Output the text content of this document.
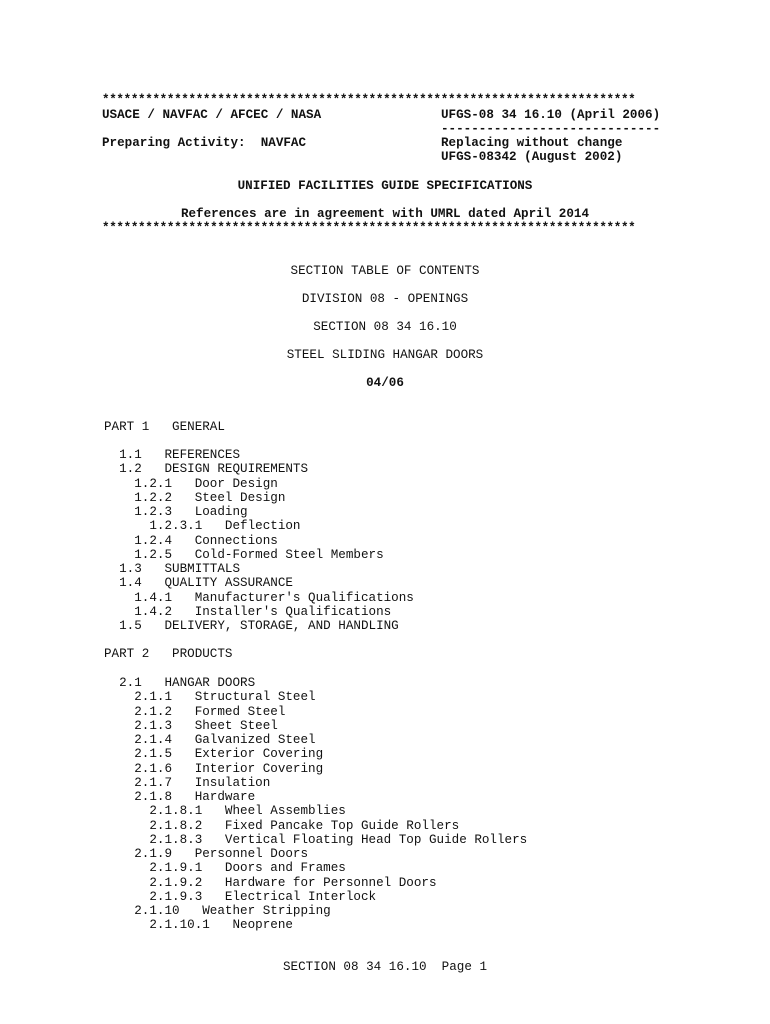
**************************************************************************
USACE / NAVFAC / AFCEC / NASA	UFGS-08 34 16.10 (April 2006)
-----------------------------
Preparing Activity:  NAVFAC	Replacing without change
UFGS-08342 (August 2002)
UNIFIED FACILITIES GUIDE SPECIFICATIONS
References are in agreement with UMRL dated April 2014
**************************************************************************
SECTION TABLE OF CONTENTS
DIVISION 08 - OPENINGS
SECTION 08 34 16.10
STEEL SLIDING HANGAR DOORS
04/06
PART 1   GENERAL
1.1   REFERENCES
1.2   DESIGN REQUIREMENTS
1.2.1   Door Design
1.2.2   Steel Design
1.2.3   Loading
1.2.3.1   Deflection
1.2.4   Connections
1.2.5   Cold-Formed Steel Members
1.3   SUBMITTALS
1.4   QUALITY ASSURANCE
1.4.1   Manufacturer's Qualifications
1.4.2   Installer's Qualifications
1.5   DELIVERY, STORAGE, AND HANDLING
PART 2   PRODUCTS
2.1   HANGAR DOORS
2.1.1   Structural Steel
2.1.2   Formed Steel
2.1.3   Sheet Steel
2.1.4   Galvanized Steel
2.1.5   Exterior Covering
2.1.6   Interior Covering
2.1.7   Insulation
2.1.8   Hardware
2.1.8.1   Wheel Assemblies
2.1.8.2   Fixed Pancake Top Guide Rollers
2.1.8.3   Vertical Floating Head Top Guide Rollers
2.1.9   Personnel Doors
2.1.9.1   Doors and Frames
2.1.9.2   Hardware for Personnel Doors
2.1.9.3   Electrical Interlock
2.1.10   Weather Stripping
2.1.10.1   Neoprene
SECTION 08 34 16.10  Page 1
